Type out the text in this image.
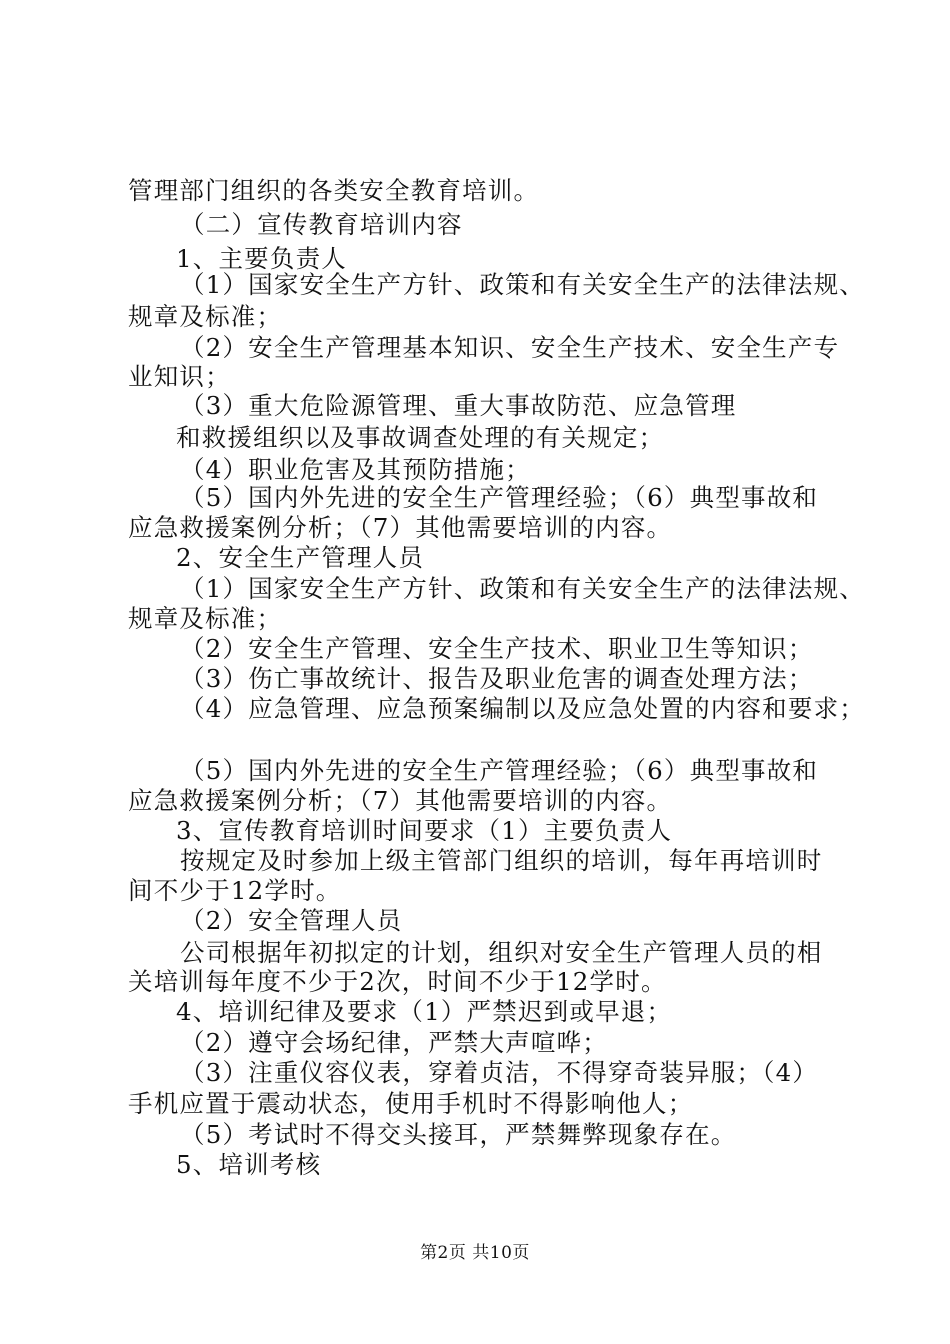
管理部门组织的各类安全教育培训。
（二）宣传教育培训内容
1、主要负责人
（1）国家安全生产方针、政策和有关安全生产的法律法规、
规章及标准；
（2）安全生产管理基本知识、安全生产技术、安全生产专
业知识；
（3）重大危险源管理、重大事故防范、应急管理
和救援组织以及事故调查处理的有关规定；
（4）职业危害及其预防措施；
（5）国内外先进的安全生产管理经验；（6）典型事故和
应急救援案例分析；（7）其他需要培训的内容。
2、安全生产管理人员
（1）国家安全生产方针、政策和有关安全生产的法律法规、
规章及标准；
（2）安全生产管理、安全生产技术、职业卫生等知识；
（3）伤亡事故统计、报告及职业危害的调查处理方法；
（4）应急管理、应急预案编制以及应急处置的内容和要求；
（5）国内外先进的安全生产管理经验；（6）典型事故和
应急救援案例分析；（7）其他需要培训的内容。
3、宣传教育培训时间要求（1）主要负责人
按规定及时参加上级主管部门组织的培训，每年再培训时
间不少于12学时。
（2）安全管理人员
公司根据年初拟定的计划，组织对安全生产管理人员的相
关培训每年度不少于2次，时间不少于12学时。
4、培训纪律及要求（1）严禁迟到或早退；
（2）遵守会场纪律，严禁大声喧哗；
（3）注重仪容仪表，穿着贞洁，不得穿奇装异服；（4）
手机应置于震动状态，使用手机时不得影响他人；
（5）考试时不得交头接耳，严禁舞弊现象存在。
5、培训考核
第2页 共10页
